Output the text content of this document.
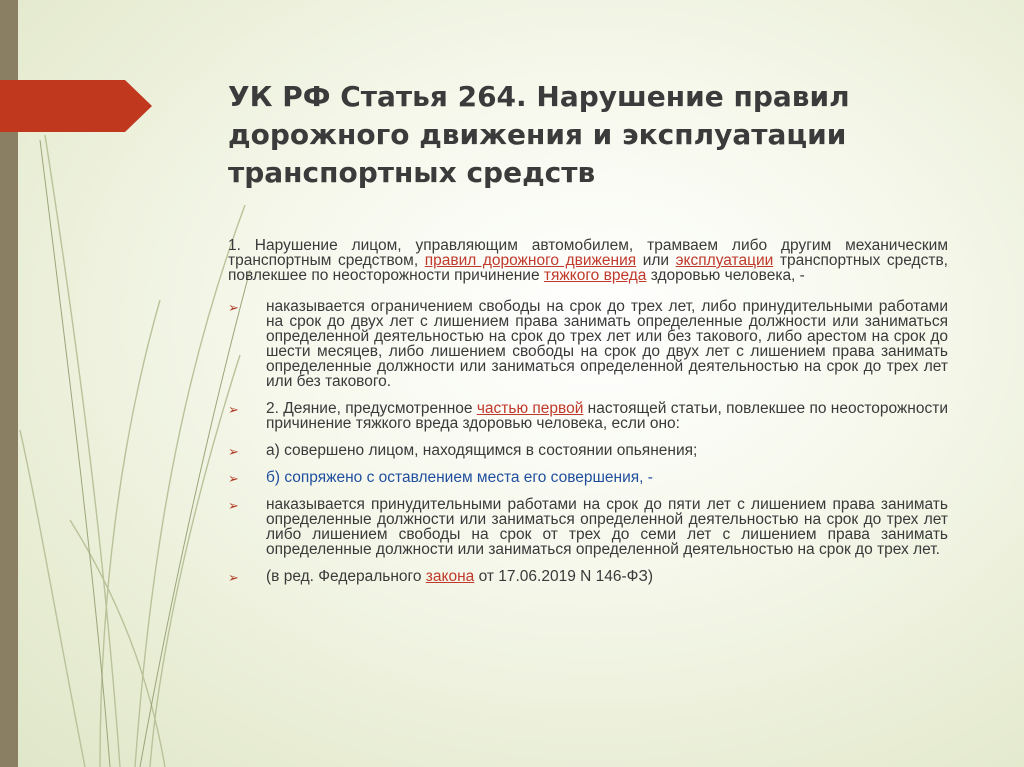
УК РФ Статья 264. Нарушение правил дорожного движения и эксплуатации транспортных средств

1. Нарушение лицом, управляющим автомобилем, трамваем либо другим механическим транспортным средством, правил дорожного движения или эксплуатации транспортных средств, повлекшее по неосторожности причинение тяжкого вреда здоровью человека, -

➢ наказывается ограничением свободы на срок до трех лет, либо принудительными работами на срок до двух лет с лишением права занимать определенные должности или заниматься определенной деятельностью на срок до трех лет или без такового, либо арестом на срок до шести месяцев, либо лишением свободы на срок до двух лет с лишением права занимать определенные должности или заниматься определенной деятельностью на срок до трех лет или без такового.
➢ 2. Деяние, предусмотренное частью первой настоящей статьи, повлекшее по неосторожности причинение тяжкого вреда здоровью человека, если оно:
➢ а) совершено лицом, находящимся в состоянии опьянения;
➢ б) сопряжено с оставлением места его совершения, -
➢ наказывается принудительными работами на срок до пяти лет с лишением права занимать определенные должности или заниматься определенной деятельностью на срок до трех лет либо лишением свободы на срок от трех до семи лет с лишением права занимать определенные должности или заниматься определенной деятельностью на срок до трех лет.
➢ (в ред. Федерального закона от 17.06.2019 N 146-ФЗ)
